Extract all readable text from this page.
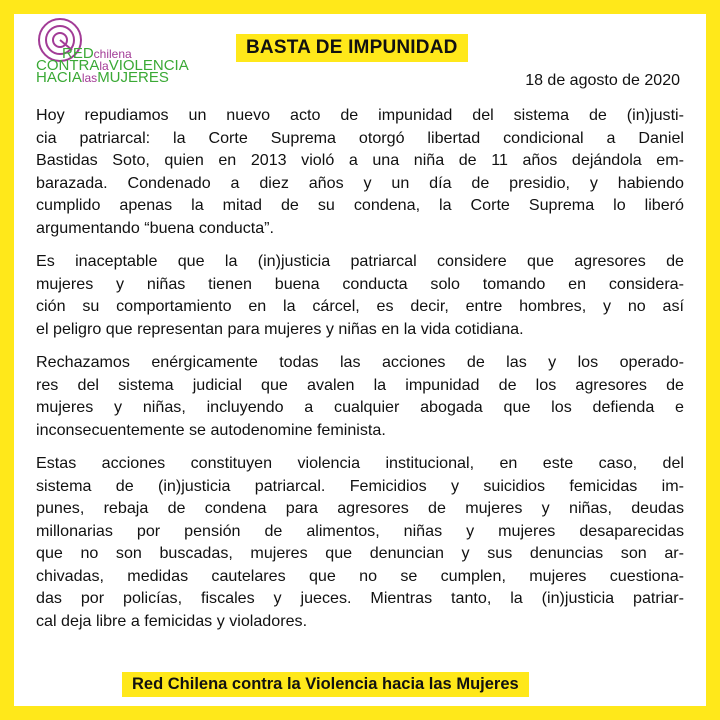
REDchilena
CONTRAlaVIOLENCIA
HACIAlasMUJERES
BASTA DE IMPUNIDAD
18 de agosto de 2020
Hoy repudiamos un nuevo acto de impunidad del sistema de (in)justi-
cia patriarcal: la Corte Suprema otorgó libertad condicional a Daniel
Bastidas Soto, quien en 2013 violó a una niña de 11 años dejándola em-
barazada. Condenado a diez años y un día de presidio, y habiendo
cumplido apenas la mitad de su condena, la Corte Suprema lo liberó
argumentando “buena conducta”.
Es inaceptable que la (in)justicia patriarcal considere que agresores de
mujeres y niñas tienen buena conducta solo tomando en considera-
ción su comportamiento en la cárcel, es decir, entre hombres, y no así
el peligro que representan para mujeres y niñas en la vida cotidiana.
Rechazamos enérgicamente todas las acciones de las y los operado-
res del sistema judicial que avalen la impunidad de los agresores de
mujeres y niñas, incluyendo a cualquier abogada que los defienda e
inconsecuentemente se autodenomine feminista.
Estas acciones constituyen violencia institucional, en este caso, del
sistema de (in)justicia patriarcal. Femicidios y suicidios femicidas im-
punes, rebaja de condena para agresores de mujeres y niñas, deudas
millonarias por pensión de alimentos, niñas y mujeres desaparecidas
que no son buscadas, mujeres que denuncian y sus denuncias son ar-
chivadas, medidas cautelares que no se cumplen, mujeres cuestiona-
das por policías, fiscales y jueces. Mientras tanto, la (in)justicia patriar-
cal deja libre a femicidas y violadores.
Red Chilena contra la Violencia hacia las Mujeres
